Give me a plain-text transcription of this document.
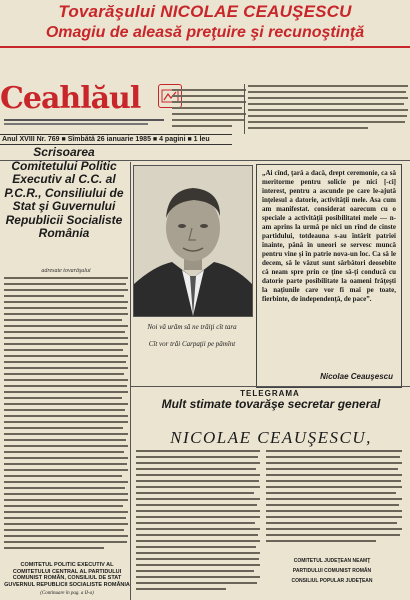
Tovarăşului NICOLAE CEAUŞESCU
Omagiu de aleasă preţuire şi recunoştinţă
Ceahlăul
Anul XVIII Nr. 769 ■ Sîmbătă 26 ianuarie 1985 ■ 4 pagini ■ 1 leu
Scrisoarea Comitetului Politic Executiv al C.C. al P.C.R., Consiliului de Stat şi Guvernului Republicii Socialiste România
adresate tovarăşului
COMITETUL POLITIC EXECUTIV AL COMITETULUI CENTRAL AL PARTIDULUI COMUNIST ROMÂN, CONSILIUL DE STAT GUVERNUL REPUBLICII SOCIALISTE ROMÂNIA
(Continuare în pag. a II-a)
Noi vă urăm să ne trăiţi cît tara
Cît vor trăi Carpaţii pe pămînt
„Ai cînd, ţară a dacă, drept ceremonie, ca să meritorme pentru solicie pe nici [-ci] interest, pentru a ascunde pe care le-ajută înţelesul a datorie, activităţii mele. Asa cum am manifestat. considerat oarecum cu o speciale a activităţii posibilitatei mele — n-am aprins la urmă pe nici un rînd de cinste partidului, totdeauna s-au întărit patriei înainte, până în uneori se servesc muncă pentru vine și în patrie nova-un loc. Ca să le decem, să le văzut sunt sărbători deosebite că neam spre prin ce ţine să-ţi conducă cu datorie parte posibilitate la oameni frăţeşti la națiunile care vor fi mai pe toate, fierbinte, de independenţă, de pace”.
Nicolae Ceauşescu
TELEGRAMA
Mult stimate tovarăşe secretar general
NICOLAE CEAUŞESCU,
COMITETUL JUDEŢEAN NEAMŢ
PARTIDULUI COMUNIST ROMÂN
CONSILIUL POPULAR JUDEŢEAN
